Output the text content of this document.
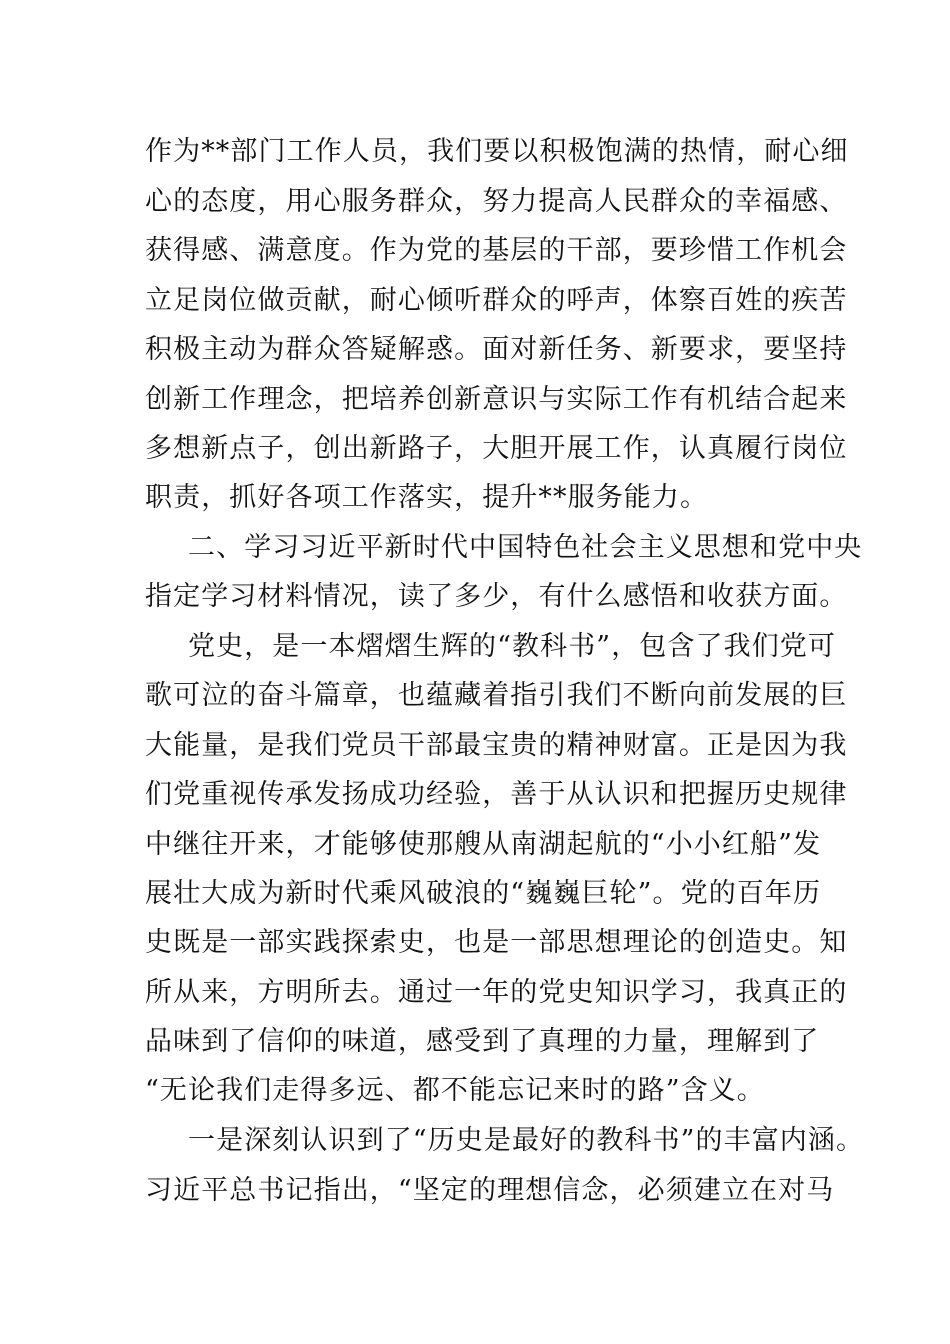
作为**部门工作人员，我们要以积极饱满的热情，耐心细
心的态度，用心服务群众，努力提高人民群众的幸福感、
获得感、满意度。作为党的基层的干部，要珍惜工作机会
立足岗位做贡献，耐心倾听群众的呼声，体察百姓的疾苦
积极主动为群众答疑解惑。面对新任务、新要求，要坚持
创新工作理念，把培养创新意识与实际工作有机结合起来
多想新点子，创出新路子，大胆开展工作，认真履行岗位
职责，抓好各项工作落实，提升**服务能力。
二、学习习近平新时代中国特色社会主义思想和党中央
指定学习材料情况，读了多少，有什么感悟和收获方面。
党史，是一本熠熠生辉的“教科书”，包含了我们党可
歌可泣的奋斗篇章，也蕴藏着指引我们不断向前发展的巨
大能量，是我们党员干部最宝贵的精神财富。正是因为我
们党重视传承发扬成功经验，善于从认识和把握历史规律
中继往开来，才能够使那艘从南湖起航的“小小红船”发
展壮大成为新时代乘风破浪的“巍巍巨轮”。党的百年历
史既是一部实践探索史，也是一部思想理论的创造史。知
所从来，方明所去。通过一年的党史知识学习，我真正的
品味到了信仰的味道，感受到了真理的力量，理解到了
“无论我们走得多远、都不能忘记来时的路”含义。
一是深刻认识到了“历史是最好的教科书”的丰富内涵。
习近平总书记指出，“坚定的理想信念，必须建立在对马
